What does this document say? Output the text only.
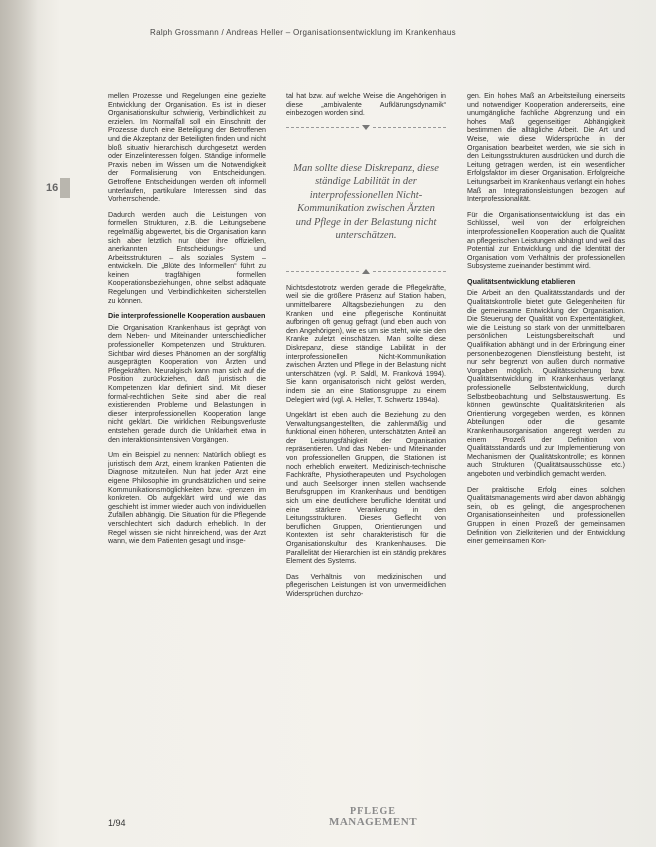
Ralph Grossmann / Andreas Heller – Organisationsentwicklung im Krankenhaus
16

mellen Prozesse und Regelungen eine gezielte Entwicklung der Organisation. Es ist in dieser Organisationskultur schwierig, Verbindlichkeit zu erzielen. Im Normalfall soll ein Einschnitt der Prozesse durch eine Beteiligung der Betroffenen und die Akzeptanz der Beteiligten finden und nicht bloß situativ hierarchisch durchgesetzt werden oder Einzelinteressen folgen. Ständige informelle Praxis neben im Wissen um die Notwendigkeit der Formalisierung von Entscheidungen. Getroffene Entscheidungen werden oft informell unterlaufen, partikulare Interessen sind das Vorherrschende.

Dadurch werden auch die Leistungen von formellen Strukturen, z.B. die Leitungsebene regelmäßig abgewertet, bis die Organisation kann sich aber letztlich nur über ihre offiziellen, anerkannten Entscheidungs- und Arbeitsstrukturen – als soziales System – entwickeln. Die „Blüte des Informellen“ führt zu keinen tragfähigen formellen Kooperationsbeziehungen, ohne selbst adäquate Regelungen und Verbindlichkeiten sicherstellen zu können.

Die interprofessionelle Kooperation ausbauen

Die Organisation Krankenhaus ist geprägt von dem Neben- und Miteinander unterschiedlicher professioneller Kompetenzen und Strukturen. Sichtbar wird dieses Phänomen an der sorgfältig ausgeprägten Kooperation von Ärzten und Pflegekräften. Neuralgisch kann man sich auf die Position zurückziehen, daß juristisch die Kompetenzen klar definiert sind. Mit dieser formal-rechtlichen Seite sind aber die real existierenden Probleme und Belastungen in dieser interprofessionellen Kooperation lange nicht geklärt. Die wirklichen Reibungsverluste entstehen gerade durch die Unklarheit etwa in den interaktionsintensiven Vorgängen.

Um ein Beispiel zu nennen: Natürlich obliegt es juristisch dem Arzt, einem kranken Patienten die Diagnose mitzuteilen. Nun hat jeder Arzt eine eigene Philosophie im grundsätzlichen und seine Kommunikationsmöglichkeiten bzw. -grenzen im konkreten. Ob aufgeklärt wird und wie das geschieht ist immer wieder auch von individuellen Zufällen abhängig. Die Situation für die Pflegende verschlechtert sich dadurch erheblich. In der Regel wissen sie nicht hinreichend, was der Arzt wann, wie dem Patienten gesagt und insge-

tal hat bzw. auf welche Weise die Angehörigen in diese „ambivalente Aufklärungsdynamik“ einbezogen worden sind.

Man sollte diese Diskrepanz, diese ständige Labilität in der interprofessionellen Nicht-Kommunikation zwischen Ärzten und Pflege in der Belastung nicht unterschätzen.

Nichtsdestotrotz werden gerade die Pflegekräfte, weil sie die größere Präsenz auf Station haben, unmittelbarere Alltagsbeziehungen zu den Kranken und eine pflegerische Kontinuität aufbringen oft genug gefragt (und eben auch von den Angehörigen), wie es um sie steht, wie sie den Kranke zuletzt einschätzen. Man sollte diese Diskrepanz, diese ständige Labilität in der interprofessionellen Nicht-Kommunikation zwischen Ärzten und Pflege in der Belastung nicht unterschätzen (vgl. P. Saldl, M. Franková 1994). Sie kann organisatorisch nicht gelöst werden, indem sie an eine Stationsgruppe zu einem Delegiert wird (vgl. A. Heller, T. Schwertz 1994a).

Ungeklärt ist eben auch die Beziehung zu den Verwaltungsangestellten, die zahlenmäßig und funktional einen höheren, unterschätzten Anteil an der Leistungsfähigkeit der Organisation repräsentieren. Und das Neben- und Miteinander von professionellen Gruppen, die Stationen ist noch erheblich erweitert. Medizinisch-technische Fachkräfte, Physiotherapeuten und Psychologen und auch Seelsorger innen stellen wachsende Berufsgruppen im Krankenhaus und benötigen sich um eine deutlichere berufliche Identität und eine stärkere Verankerung in den Leitungsstrukturen. Dieses Geflecht von beruflichen Gruppen, Orientierungen und Kontexten ist sehr charakteristisch für die Organisationskultur des Krankenhauses. Die Parallelität der Hierarchien ist ein ständig prekäres Element des Systems.

Das Verhältnis von medizinischen und pflegerischen Leistungen ist von unvermeidlichen Widersprüchen durchzo-

gen. Ein hohes Maß an Arbeitsteilung einerseits und notwendiger Kooperation andererseits, eine unumgängliche fachliche Abgrenzung und ein hohes Maß gegenseitiger Abhängigkeit bestimmen die alltägliche Arbeit. Die Art und Weise, wie diese Widersprüche in der Organisation bearbeitet werden, wie sie sich in den Leitungsstrukturen ausdrücken und durch die Leitung getragen werden, ist ein wesentlicher Erfolgsfaktor im dieser Organisation. Erfolgreiche Leitungsarbeit im Krankenhaus verlangt ein hohes Maß an Integrationsleistungen bezogen auf Interprofessionalität.

Für die Organisationsentwicklung ist das ein Schlüssel, weil von der erfolgreichen interprofessionellen Kooperation auch die Qualität an pflegerischen Leistungen abhängt und weil das Potential zur Entwicklung und die Identität der Organisation vom Verhältnis der professionellen Subsysteme zueinander bestimmt wird.

Qualitätsentwicklung etablieren

Die Arbeit an den Qualitätsstandards und der Qualitätskontrolle bietet gute Gelegenheiten für die gemeinsame Entwicklung der Organisation. Die Steuerung der Qualität von Expertentätigkeit, wie die Leistung so stark von der unmittelbaren persönlichen Leistungsbereitschaft und Qualifikation abhängt und in der Erbringung einer personenbezogenen Dienstleistung besteht, ist nur sehr begrenzt von außen durch normative Vorgaben möglich. Qualitätssicherung bzw. Qualitätsentwicklung im Krankenhaus verlangt professionelle Selbstentwicklung, durch Selbstbeobachtung und Selbstauswertung. Es können gewünschte Qualitätskriterien als Orientierung vorgegeben werden, es können Abteilungen oder die gesamte Krankenhausorganisation angeregt werden zu einem Prozeß der Definition von Qualitätsstandards und zur Implementierung von Mechanismen der Qualitätskontrolle; es können auch Strukturen (Qualitätsausschüsse etc.) angeboten und verbindlich gemacht werden.

Der praktische Erfolg eines solchen Qualitätsmanagements wird aber davon abhängig sein, ob es gelingt, die angesprochenen Organisationseinheiten und professionellen Gruppen in einen Prozeß der gemeinsamen Definition von Zielkriterien und der Entwicklung einer gemeinsamen Kon-

1/94
PFLEGE
MANAGEMENT
